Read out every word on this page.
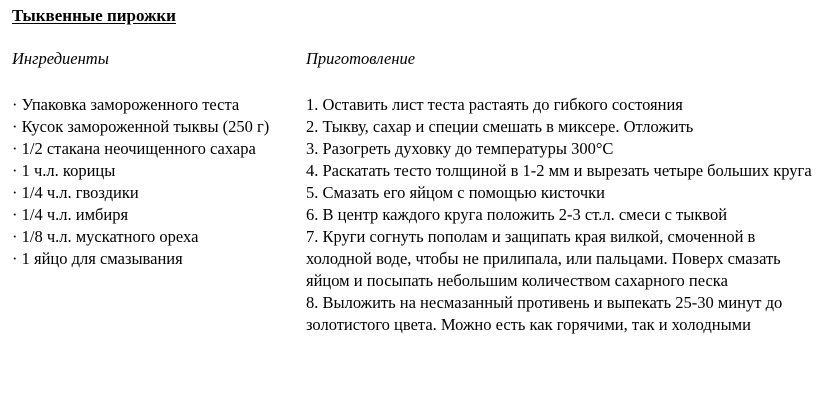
Тыквенные пирожки
Ингредиенты	Приготовление
· Упаковка замороженного теста
· Кусок замороженной тыквы (250 г)
· 1/2 стакана неочищенного сахара
· 1 ч.л. корицы
· 1/4 ч.л. гвоздики
· 1/4 ч.л. имбиря
· 1/8 ч.л. мускатного ореха
· 1 яйцо для смазывания
1. Оставить лист теста растаять до гибкого состояния
2. Тыкву, сахар и специи смешать в миксере. Отложить
3. Разогреть духовку до температуры 300°C
4. Раскатать тесто толщиной в 1-2 мм и вырезать четыре больших круга
5. Смазать его яйцом с помощью кисточки
6. В центр каждого круга положить 2-3 ст.л. смеси с тыквой
7. Круги согнуть пополам и защипать края вилкой, смоченной в холодной воде, чтобы не прилипала, или пальцами. Поверх смазать яйцом и посыпать небольшим количеством сахарного песка
8. Выложить на несмазанный противень и выпекать 25-30 минут до золотистого цвета. Можно есть как горячими, так и холодными
